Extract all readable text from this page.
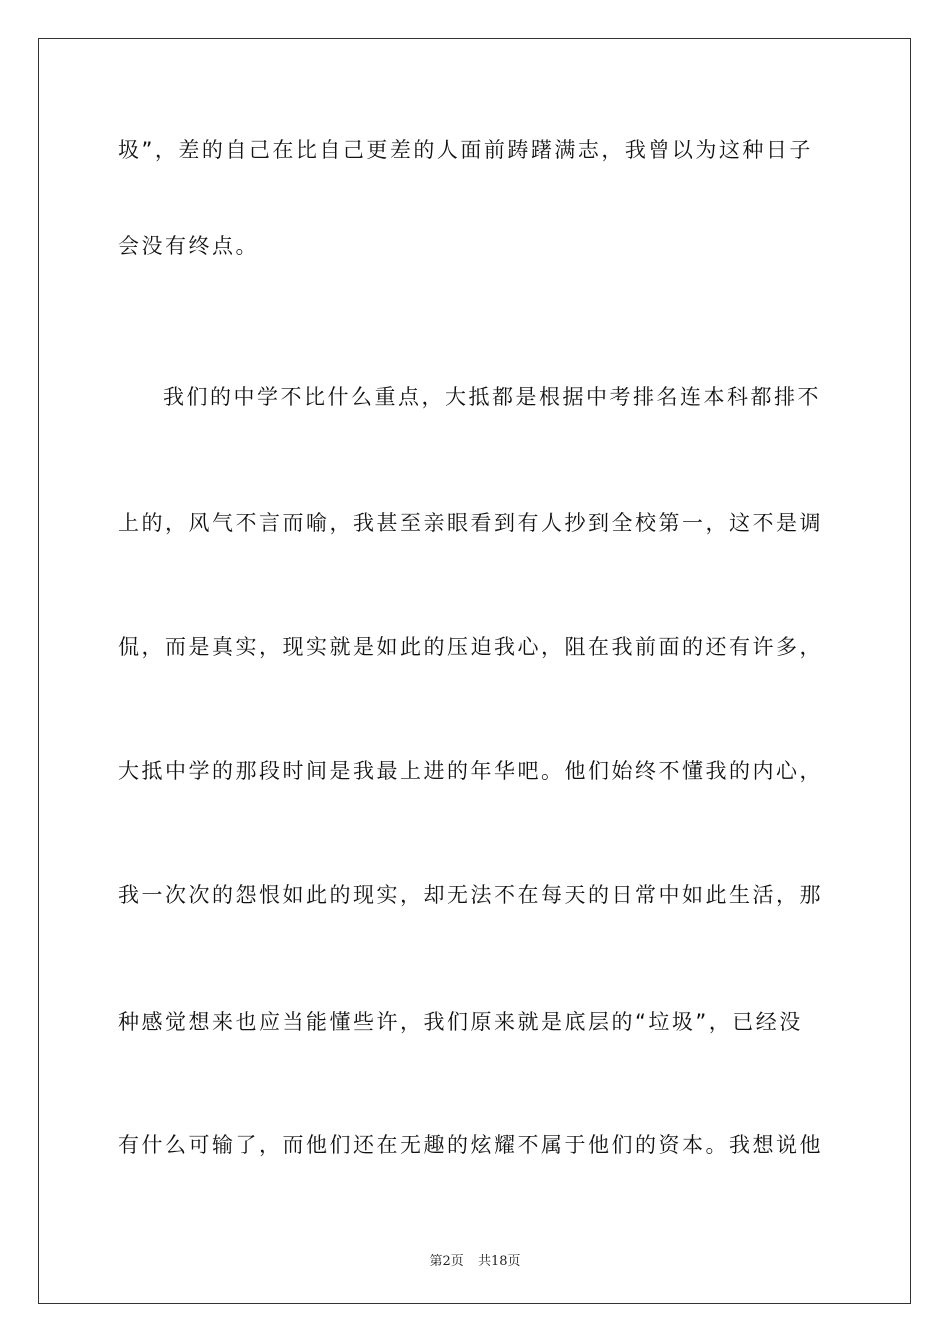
圾”，差的自己在比自己更差的人面前踌躇满志，我曾以为这种日子
会没有终点。
我们的中学不比什么重点，大抵都是根据中考排名连本科都排不
上的，风气不言而喻，我甚至亲眼看到有人抄到全校第一，这不是调
侃，而是真实，现实就是如此的压迫我心，阻在我前面的还有许多，
大抵中学的那段时间是我最上进的年华吧。他们始终不懂我的内心，
我一次次的怨恨如此的现实，却无法不在每天的日常中如此生活，那
种感觉想来也应当能懂些许，我们原来就是底层的“垃圾”，已经没
有什么可输了，而他们还在无趣的炫耀不属于他们的资本。我想说他
第2页 共18页
